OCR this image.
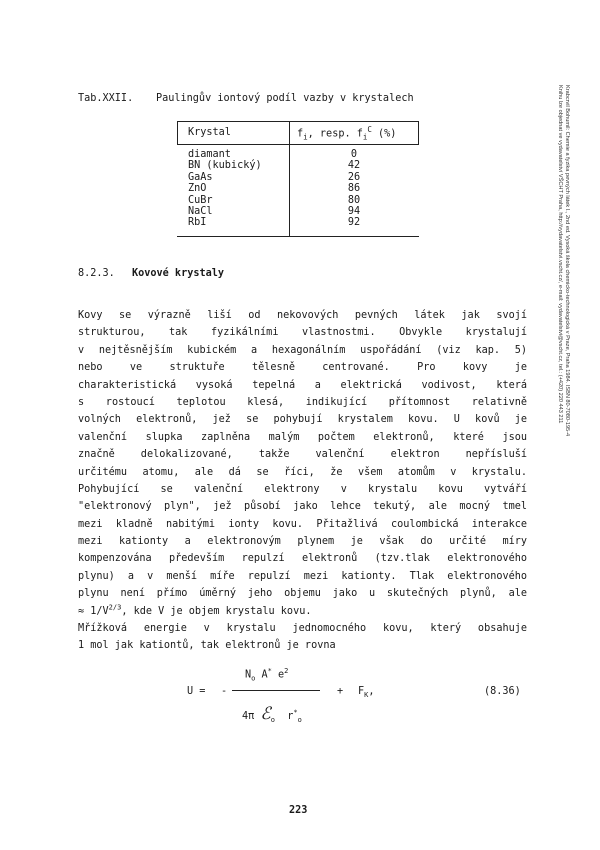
Krabcrvil Bohumil: Chemie a fyzika pevných látek I., 2nd ed. Vysoká škola chemicko-technologická v Praze, Praha 1984. ISBN 80-7080-195-4
Knihu lze objednat ve vydavatelství VŠCHT Praha, http://vydavatelstvi.vscht.cz/, e-mail: vydavatelstvi@vscht.cz, tel.: (+420) 220 443 211
Tab.XXII. Paulingův iontový podíl vazby v krystalech
Krystal	$f_i$, resp. $f_i^C$ (%)
diamant
BN (kubický)
GaAs
ZnO
CuBr
NaCl
RbI
0
42
26
86
80
94
92
8.2.3. Kovové krystaly
Kovy se výrazně liší od nekovových pevných látek jak svojí
strukturou, tak fyzikálními vlastnostmi. Obvykle krystalují
v nejtěsnějším kubickém a hexagonálním uspořádání (viz kap. 5)
nebo ve struktuře tělesně centrované. Pro kovy je
charakteristická vysoká tepelná a elektrická vodivost, která
s rostoucí teplotou klesá, indikující přítomnost relativně
volných elektronů, jež se pohybují krystalem kovu. U kovů je
valenční slupka zaplněna malým počtem elektronů, které jsou
značně delokalizované, takže valenční elektron nepřísluší
určitému atomu, ale dá se říci, že všem atomům v krystalu.
Pohybující se valenční elektrony v krystalu kovu vytváří
"elektronový plyn", jež působí jako lehce tekutý, ale mocný tmel
mezi kladně nabitými ionty kovu. Přitažlivá coulombická interakce
mezi kationty a elektronovým plynem je však do určité míry
kompenzována především repulzí elektronů (tzv.tlak elektronového
plynu) a v menší míře repulzí mezi kationty. Tlak elektronového
plynu není přímo úměrný jeho objemu jako u skutečných plynů, ale
≈ $1/V^{2/3}$, kde V je objem krystalu kovu.
Mřížková energie v krystalu jednomocného kovu, který obsahuje
1 mol jak kationtů, tak elektronů je rovna
U = -
$N_o$ A* $e^2$
4π ℰ$_o$ $r^*_o$
+ $F_K$,	(8.36)
223
